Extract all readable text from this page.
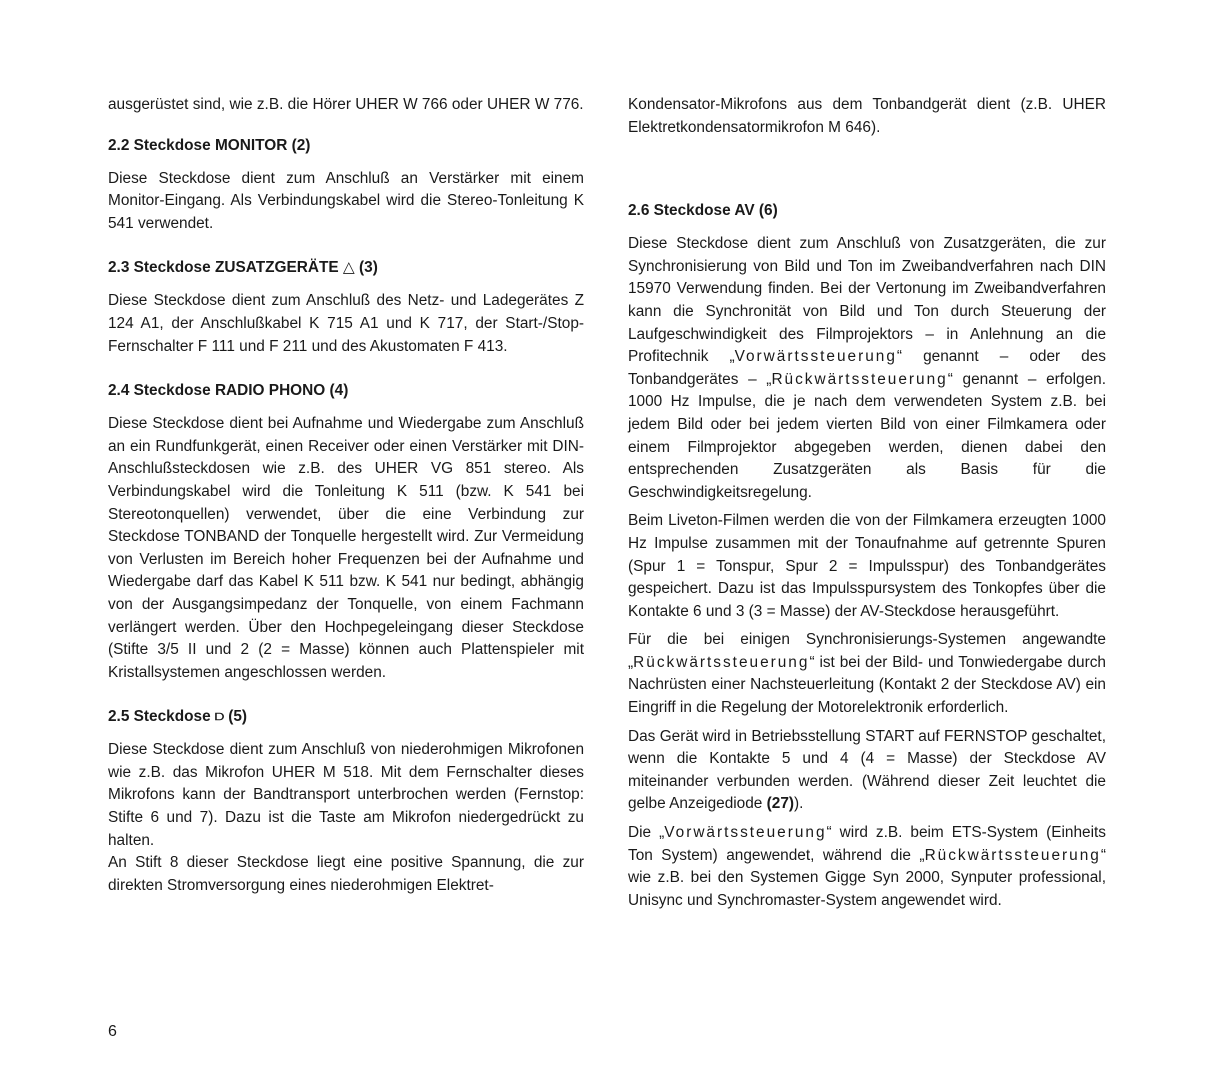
ausgerüstet sind, wie z.B. die Hörer UHER W 766 oder UHER W 776.

2.2 Steckdose MONITOR (2)

Diese Steckdose dient zum Anschluß an Verstärker mit einem Monitor-Eingang. Als Verbindungskabel wird die Stereo-Tonleitung K 541 verwendet.

2.3 Steckdose ZUSATZGERÄTE △ (3)

Diese Steckdose dient zum Anschluß des Netz- und Ladegerätes Z 124 A1, der Anschlußkabel K 715 A1 und K 717, der Start-/Stop-Fernschalter F 111 und F 211 und des Akustomaten F 413.

2.4 Steckdose RADIO PHONO (4)

Diese Steckdose dient bei Aufnahme und Wiedergabe zum Anschluß an ein Rundfunkgerät, einen Receiver oder einen Verstärker mit DIN-Anschlußsteckdosen wie z.B. des UHER VG 851 stereo. Als Verbindungskabel wird die Tonleitung K 511 (bzw. K 541 bei Stereotonquellen) verwendet, über die eine Verbindung zur Steckdose TONBAND der Tonquelle hergestellt wird. Zur Vermeidung von Verlusten im Bereich hoher Frequenzen bei der Aufnahme und Wiedergabe darf das Kabel K 511 bzw. K 541 nur bedingt, abhängig von der Ausgangsimpedanz der Tonquelle, von einem Fachmann verlängert werden. Über den Hochpegeleingang dieser Steckdose (Stifte 3/5 II und 2 (2 = Masse) können auch Plattenspieler mit Kristallsystemen angeschlossen werden.

2.5 Steckdose ⫐ (5)

Diese Steckdose dient zum Anschluß von niederohmigen Mikrofonen wie z.B. das Mikrofon UHER M 518. Mit dem Fernschalter dieses Mikrofons kann der Bandtransport unterbrochen werden (Fernstop: Stifte 6 und 7). Dazu ist die Taste am Mikrofon niedergedrückt zu halten.

An Stift 8 dieser Steckdose liegt eine positive Spannung, die zur direkten Stromversorgung eines niederohmigen Elektret-

Kondensator-Mikrofons aus dem Tonbandgerät dient (z.B. UHER Elektretkondensatormikrofon M 646).

2.6 Steckdose AV (6)

Diese Steckdose dient zum Anschluß von Zusatzgeräten, die zur Synchronisierung von Bild und Ton im Zweibandverfahren nach DIN 15970 Verwendung finden. Bei der Vertonung im Zweibandverfahren kann die Synchronität von Bild und Ton durch Steuerung der Laufgeschwindigkeit des Filmprojektors – in Anlehnung an die Profitechnik „Vorwärtssteuerung“ genannt – oder des Tonbandgerätes – „Rückwärtssteuerung“ genannt – erfolgen. 1000 Hz Impulse, die je nach dem verwendeten System z.B. bei jedem Bild oder bei jedem vierten Bild von einer Filmkamera oder einem Filmprojektor abgegeben werden, dienen dabei den entsprechenden Zusatzgeräten als Basis für die Geschwindigkeitsregelung.

Beim Liveton-Filmen werden die von der Filmkamera erzeugten 1000 Hz Impulse zusammen mit der Tonaufnahme auf getrennte Spuren (Spur 1 = Tonspur, Spur 2 = Impulsspur) des Tonbandgerätes gespeichert. Dazu ist das Impulsspursystem des Tonkopfes über die Kontakte 6 und 3 (3 = Masse) der AV-Steckdose herausgeführt.

Für die bei einigen Synchronisierungs-Systemen angewandte „Rückwärtssteuerung“ ist bei der Bild- und Tonwiedergabe durch Nachrüsten einer Nachsteuerleitung (Kontakt 2 der Steckdose AV) ein Eingriff in die Regelung der Motorelektronik erforderlich.

Das Gerät wird in Betriebsstellung START auf FERNSTOP geschaltet, wenn die Kontakte 5 und 4 (4 = Masse) der Steckdose AV miteinander verbunden werden. (Während dieser Zeit leuchtet die gelbe Anzeigediode (27)).

Die „Vorwärtssteuerung“ wird z.B. beim ETS-System (Einheits Ton System) angewendet, während die „Rückwärtssteuerung“ wie z.B. bei den Systemen Gigge Syn 2000, Synputer professional, Unisync und Synchromaster-System angewendet wird.

6
